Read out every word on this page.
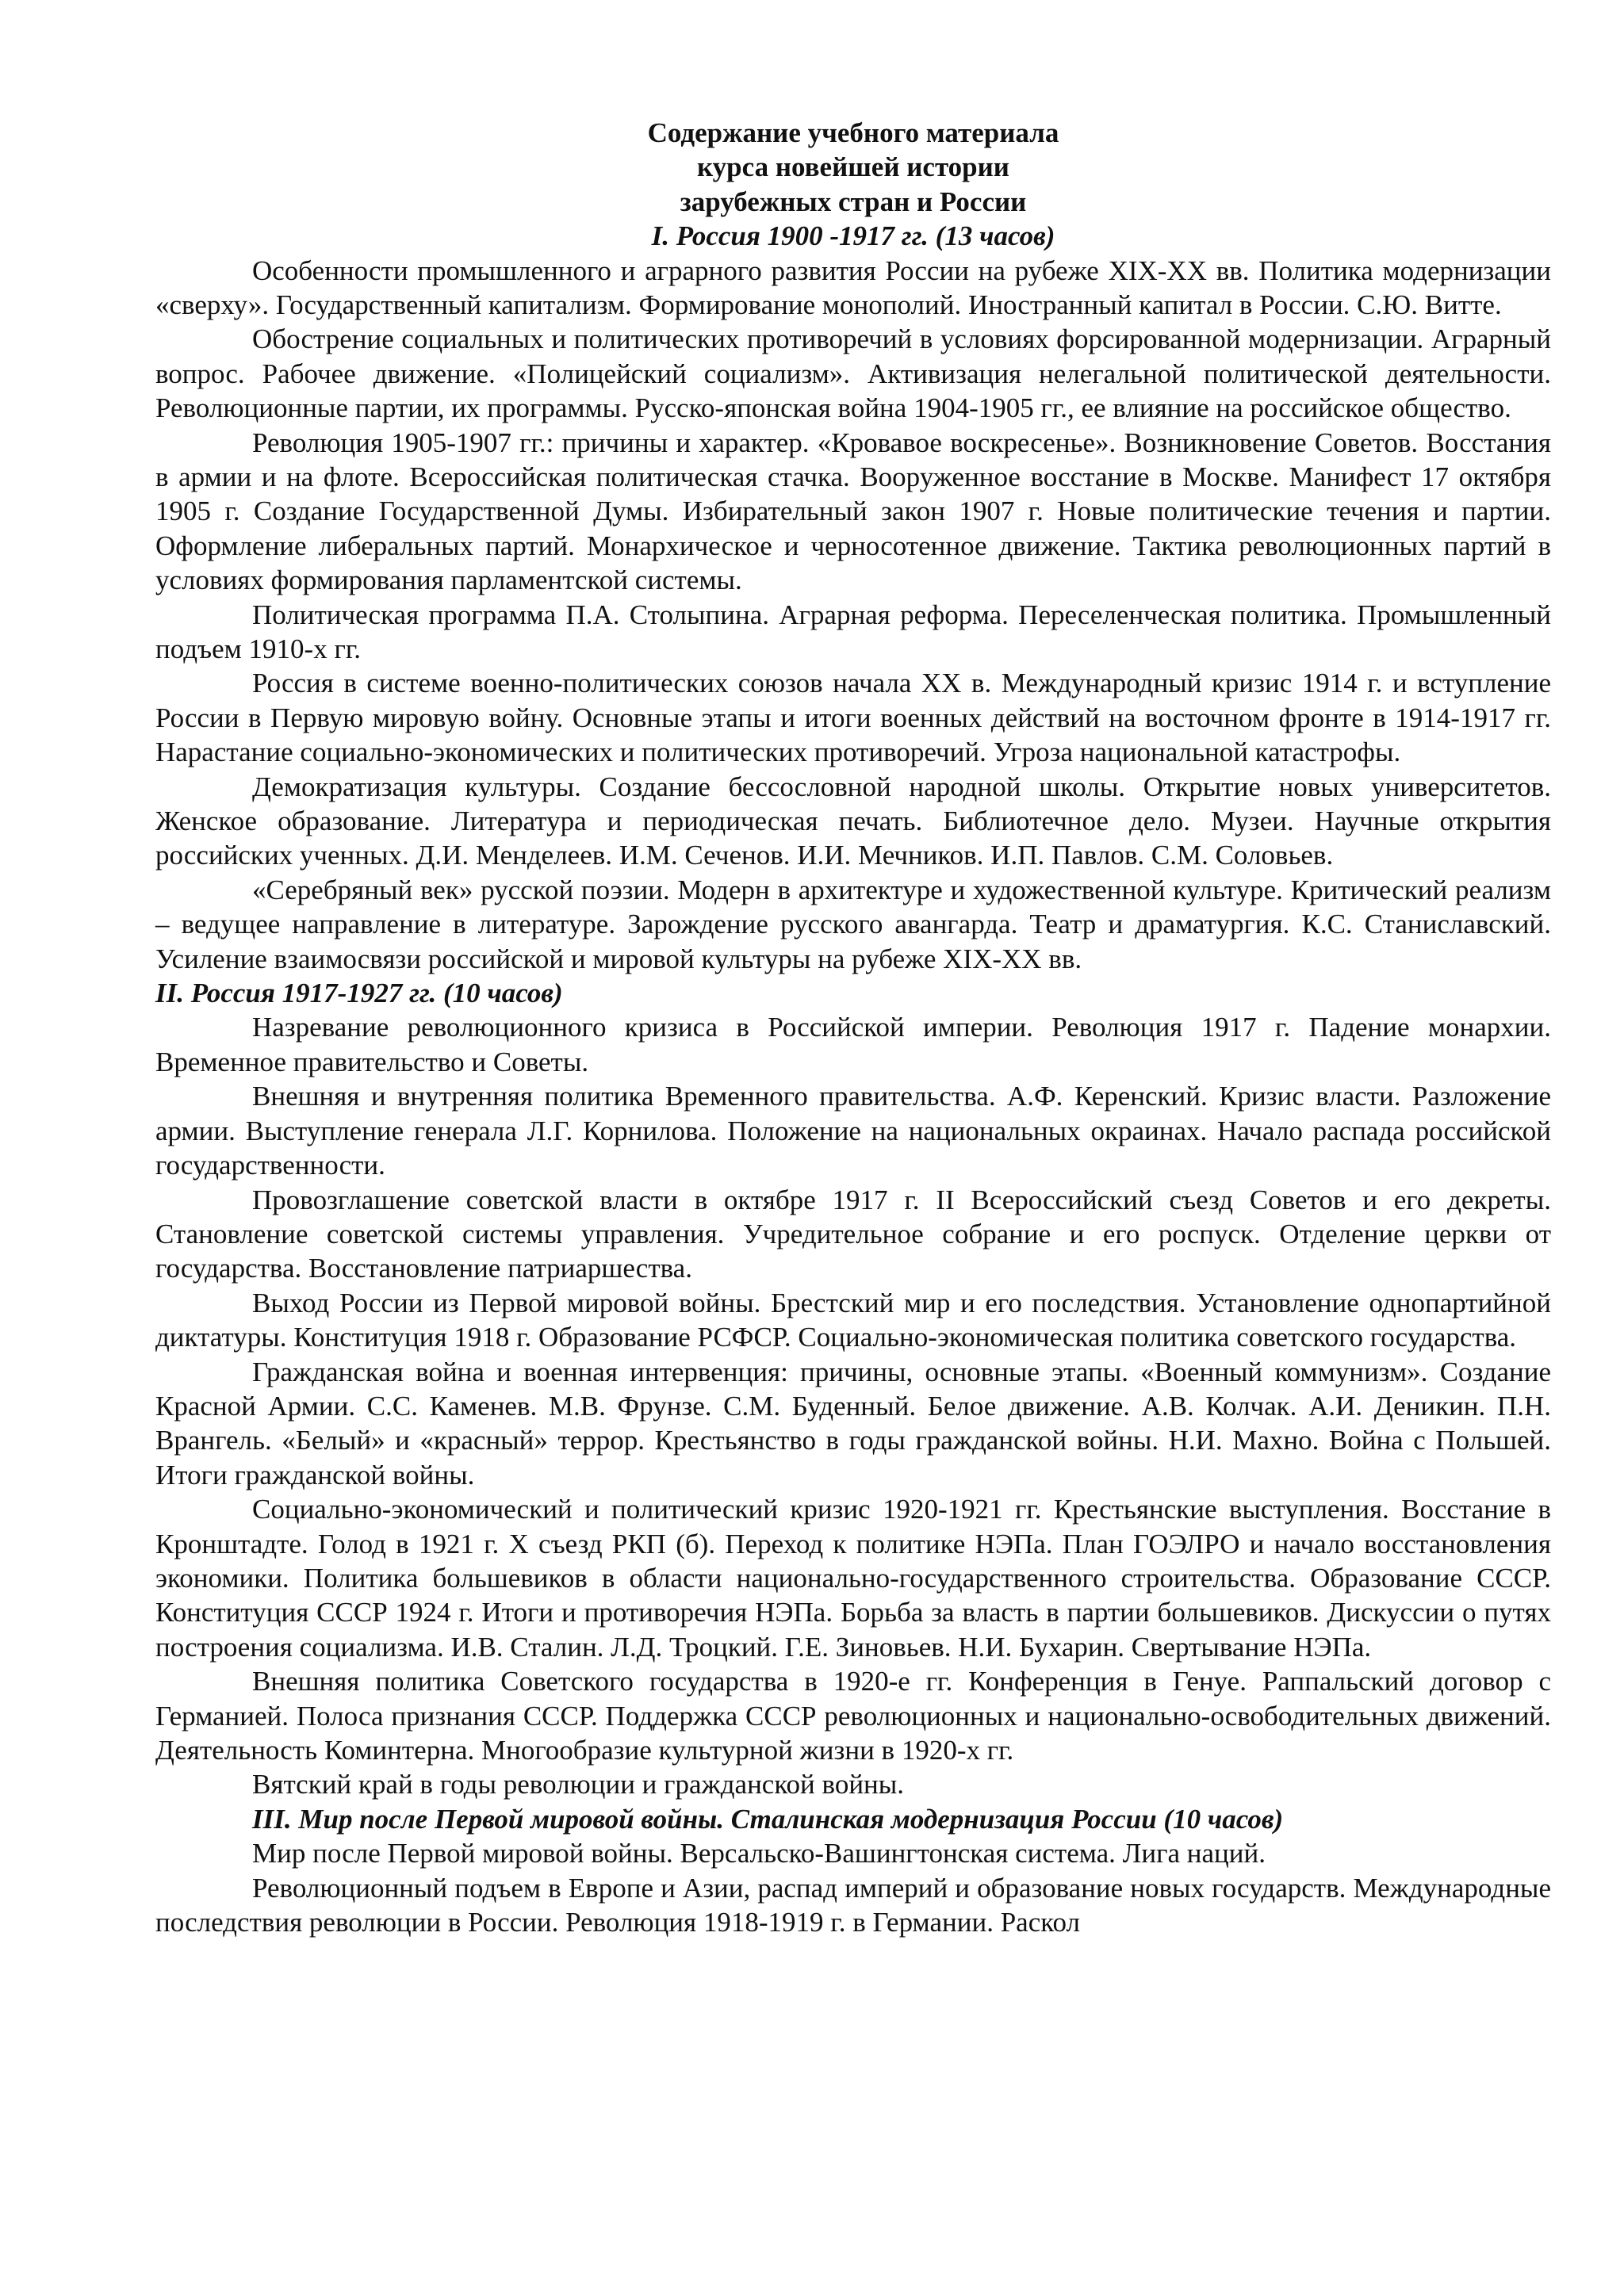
Содержание учебного материала
курса новейшей истории
зарубежных стран и России
I. Россия 1900 -1917 гг. (13 часов)

Особенности промышленного и аграрного развития России на рубеже XIX-XX вв. Политика модернизации «сверху». Государственный капитализм. Формирование монополий. Иностранный капитал в России. С.Ю. Витте.

Обострение социальных и политических противоречий в условиях форсированной модернизации. Аграрный вопрос. Рабочее движение. «Полицейский социализм». Активизация нелегальной политической деятельности. Революционные партии, их программы. Русско-японская война 1904-1905 гг., ее влияние на российское общество.

Революция 1905-1907 гг.: причины и характер. «Кровавое воскресенье». Возникновение Советов. Восстания в армии и на флоте. Всероссийская политическая стачка. Вооруженное восстание в Москве. Манифест 17 октября 1905 г. Создание Государственной Думы. Избирательный закон 1907 г. Новые политические течения и партии. Оформление либеральных партий. Монархическое и черносотенное движение. Тактика революционных партий в условиях формирования парламентской системы.

Политическая программа П.А. Столыпина. Аграрная реформа. Переселенческая политика. Промышленный подъем 1910-х гг.

Россия в системе военно-политических союзов начала XX в. Международный кризис 1914 г. и вступление России в Первую мировую войну. Основные этапы и итоги военных действий на восточном фронте в 1914-1917 гг. Нарастание социально-экономических и политических противоречий. Угроза национальной катастрофы.

Демократизация культуры. Создание бессословной народной школы. Открытие новых университетов. Женское образование. Литература и периодическая печать. Библиотечное дело. Музеи. Научные открытия российских ученных. Д.И. Менделеев. И.М. Сеченов. И.И. Мечников. И.П. Павлов. С.М. Соловьев.

«Серебряный век» русской поэзии. Модерн в архитектуре и художественной культуре. Критический реализм – ведущее направление в литературе. Зарождение русского авангарда. Театр и драматургия. К.С. Станиславский. Усиление взаимосвязи российской и мировой культуры на рубеже XIX-XX вв.

II. Россия 1917-1927 гг. (10 часов)

Назревание революционного кризиса в Российской империи. Революция 1917 г. Падение монархии. Временное правительство и Советы.

Внешняя и внутренняя политика Временного правительства. А.Ф. Керенский. Кризис власти. Разложение армии. Выступление генерала Л.Г. Корнилова. Положение на национальных окраинах. Начало распада российской государственности.

Провозглашение советской власти в октябре 1917 г. II Всероссийский съезд Советов и его декреты. Становление советской системы управления. Учредительное собрание и его роспуск. Отделение церкви от государства. Восстановление патриаршества.

Выход России из Первой мировой войны. Брестский мир и его последствия. Установление однопартийной диктатуры. Конституция 1918 г. Образование РСФСР. Социально-экономическая политика советского государства.

Гражданская война и военная интервенция: причины, основные этапы. «Военный коммунизм». Создание Красной Армии. С.С. Каменев. М.В. Фрунзе. С.М. Буденный. Белое движение. А.В. Колчак. А.И. Деникин. П.Н. Врангель. «Белый» и «красный» террор. Крестьянство в годы гражданской войны. Н.И. Махно. Война с Польшей. Итоги гражданской войны.

Социально-экономический и политический кризис 1920-1921 гг. Крестьянские выступления. Восстание в Кронштадте. Голод в 1921 г. X съезд РКП (б). Переход к политике НЭПа. План ГОЭЛРО и начало восстановления экономики. Политика большевиков в области национально-государственного строительства. Образование СССР. Конституция СССР 1924 г. Итоги и противоречия НЭПа. Борьба за власть в партии большевиков. Дискуссии о путях построения социализма. И.В. Сталин. Л.Д. Троцкий. Г.Е. Зиновьев. Н.И. Бухарин. Свертывание НЭПа.

Внешняя политика Советского государства в 1920-е гг. Конференция в Генуе. Раппальский договор с Германией. Полоса признания СССР. Поддержка СССР революционных и национально-освободительных движений. Деятельность Коминтерна. Многообразие культурной жизни в 1920-х гг.

Вятский край в годы революции и гражданской войны.

III. Мир после Первой мировой войны. Сталинская модернизация России (10 часов)

Мир после Первой мировой войны. Версальско-Вашингтонская система. Лига наций.

Революционный подъем в Европе и Азии, распад империй и образование новых государств. Международные последствия революции в России. Революция 1918-1919 г. в Германии. Раскол
